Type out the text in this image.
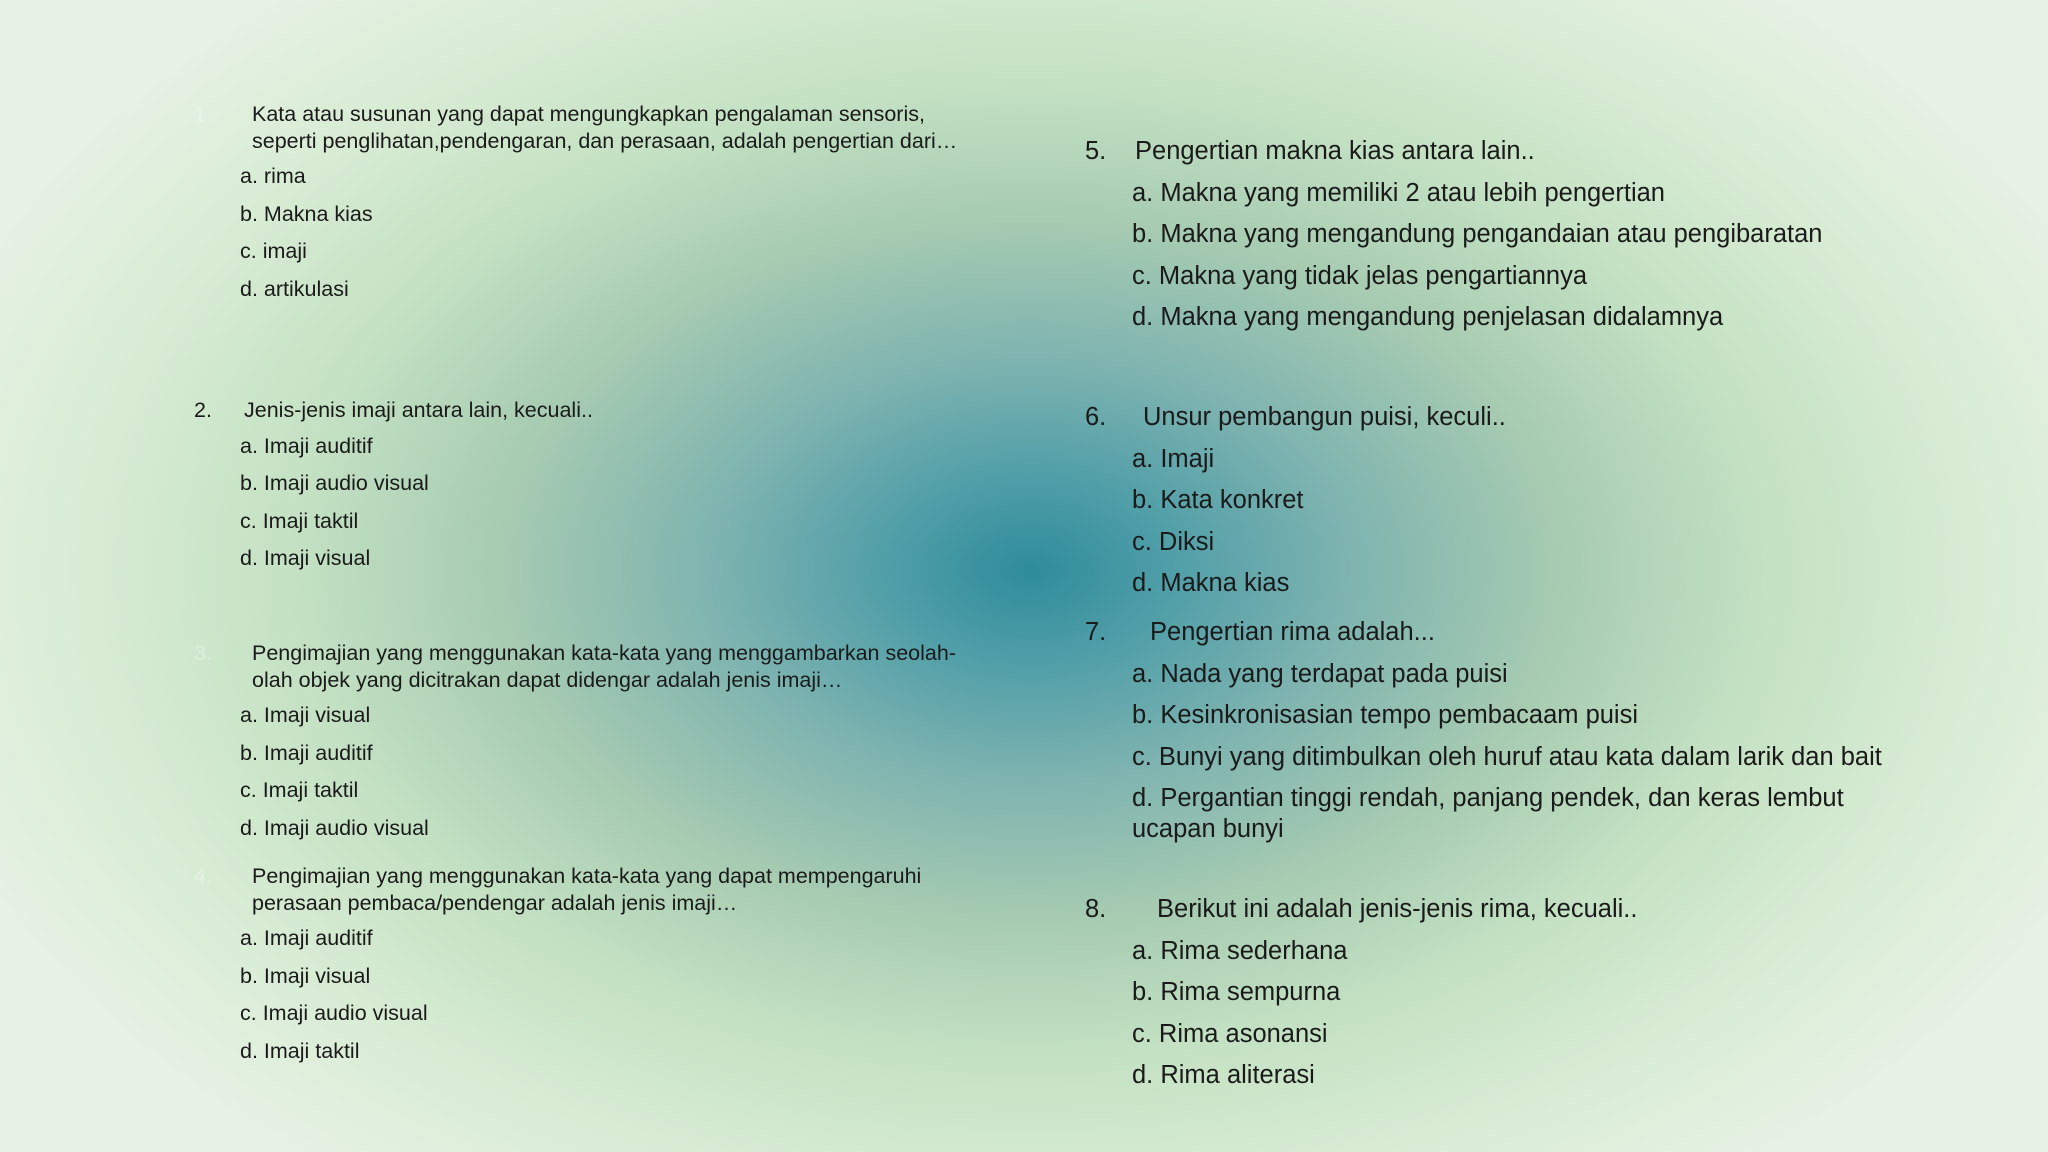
1.	Kata atau susunan yang dapat mengungkapkan pengalaman sensoris, seperti penglihatan,pendengaran, dan perasaan, adalah pengertian dari…
a. rima
b. Makna kias
c. imaji
d. artikulasi
2.	Jenis-jenis imaji antara lain, kecuali..
a. Imaji auditif
b. Imaji audio visual
c. Imaji taktil
d. Imaji visual
3.	Pengimajian yang menggunakan kata-kata yang menggambarkan seolah-olah objek yang dicitrakan dapat didengar adalah jenis imaji…
a. Imaji visual
b. Imaji auditif
c. Imaji taktil
d. Imaji audio visual
4.	Pengimajian yang menggunakan kata-kata yang dapat mempengaruhi perasaan pembaca/pendengar adalah jenis imaji…
a. Imaji auditif
b. Imaji visual
c. Imaji audio visual
d. Imaji taktil
5.	Pengertian makna kias antara lain..
a. Makna yang memiliki 2 atau lebih pengertian
b. Makna yang mengandung pengandaian atau pengibaratan
c. Makna yang tidak jelas pengartiannya
d. Makna yang mengandung penjelasan didalamnya
6.	Unsur pembangun puisi, keculi..
a. Imaji
b. Kata konkret
c. Diksi
d. Makna kias
7.	Pengertian rima adalah...
a. Nada yang terdapat pada puisi
b. Kesinkronisasian tempo pembacaam puisi
c. Bunyi yang ditimbulkan oleh huruf atau kata dalam larik dan bait
d. Pergantian tinggi rendah, panjang pendek, dan keras lembut ucapan bunyi
8.	Berikut ini adalah jenis-jenis rima, kecuali..
a. Rima sederhana
b. Rima sempurna
c. Rima asonansi
d. Rima aliterasi
